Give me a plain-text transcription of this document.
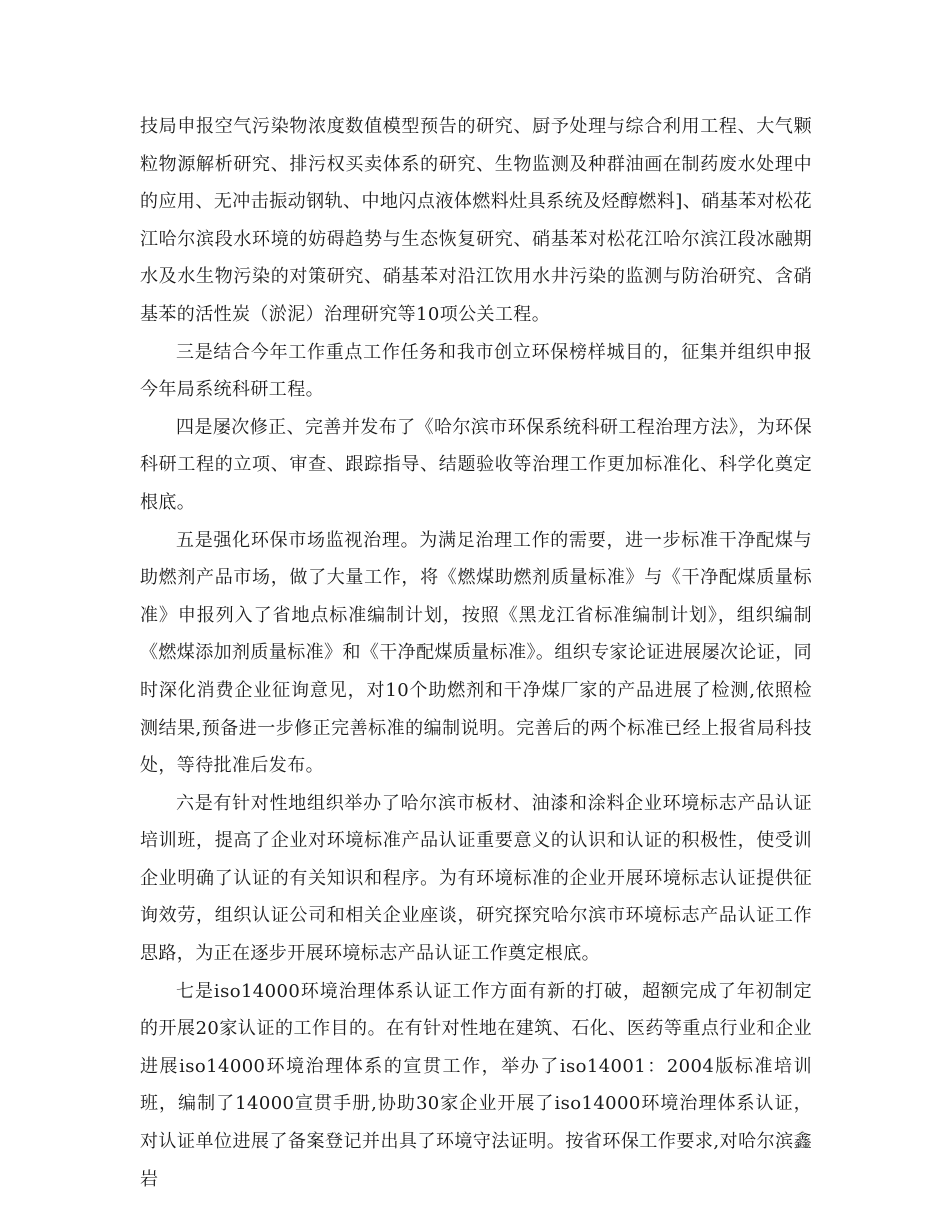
技局申报空气污染物浓度数值模型预告的研究、厨予处理与综合利用工程、大气颗粒物源解析研究、排污权买卖体系的研究、生物监测及种群油画在制药废水处理中的应用、无冲击振动钢轨、中地闪点液体燃料灶具系统及烃醇燃料]、硝基苯对松花江哈尔滨段水环境的妨碍趋势与生态恢复研究、硝基苯对松花江哈尔滨江段冰融期水及水生物污染的对策研究、硝基苯对沿江饮用水井污染的监测与防治研究、含硝基苯的活性炭（淤泥）治理研究等10项公关工程。

三是结合今年工作重点工作任务和我市创立环保榜样城目的，征集并组织申报今年局系统科研工程。

四是屡次修正、完善并发布了《哈尔滨市环保系统科研工程治理方法》，为环保科研工程的立项、审查、跟踪指导、结题验收等治理工作更加标准化、科学化奠定根底。

五是强化环保市场监视治理。为满足治理工作的需要，进一步标准干净配煤与助燃剂产品市场，做了大量工作，将《燃煤助燃剂质量标准》与《干净配煤质量标准》申报列入了省地点标准编制计划，按照《黑龙江省标准编制计划》，组织编制《燃煤添加剂质量标准》和《干净配煤质量标准》。组织专家论证进展屡次论证，同时深化消费企业征询意见，对10个助燃剂和干净煤厂家的产品进展了检测,依照检测结果,预备进一步修正完善标准的编制说明。完善后的两个标准已经上报省局科技处，等待批准后发布。

六是有针对性地组织举办了哈尔滨市板材、油漆和涂料企业环境标志产品认证培训班，提高了企业对环境标准产品认证重要意义的认识和认证的积极性，使受训企业明确了认证的有关知识和程序。为有环境标准的企业开展环境标志认证提供征询效劳，组织认证公司和相关企业座谈，研究探究哈尔滨市环境标志产品认证工作思路，为正在逐步开展环境标志产品认证工作奠定根底。

七是iso14000环境治理体系认证工作方面有新的打破，超额完成了年初制定的开展20家认证的工作目的。在有针对性地在建筑、石化、医药等重点行业和企业进展iso14000环境治理体系的宣贯工作，举办了iso14001：2004版标准培训班，编制了14000宣贯手册,协助30家企业开展了iso14000环境治理体系认证，对认证单位进展了备案登记并出具了环境守法证明。按省环保工作要求,对哈尔滨鑫岩
